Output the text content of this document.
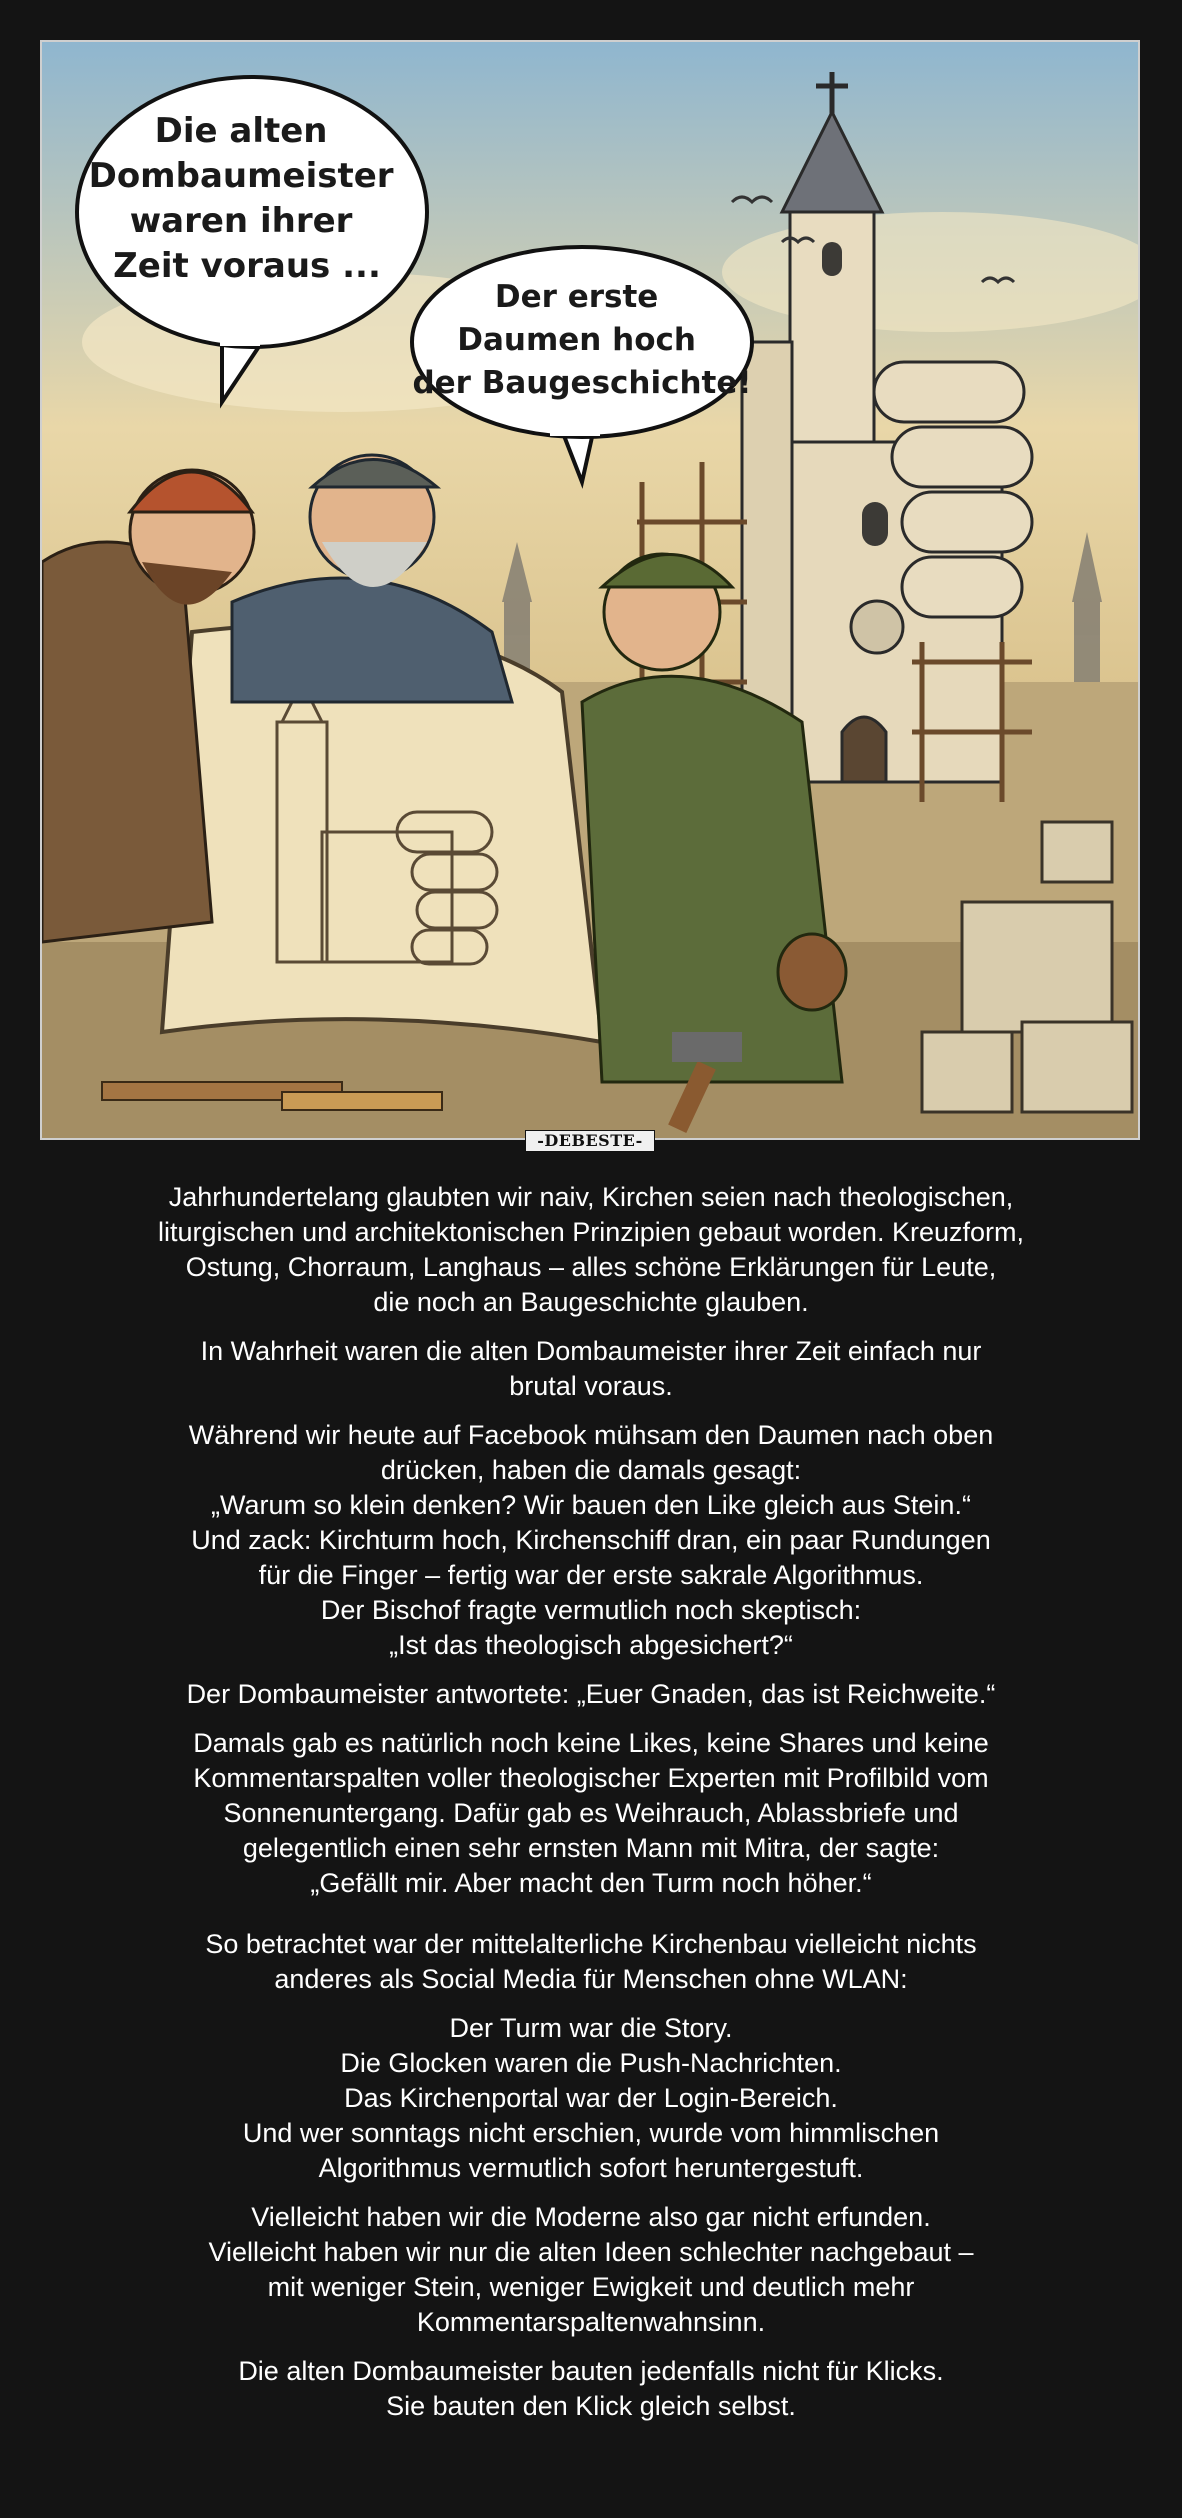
Die alten Dombaumeister waren ihrer Zeit voraus ...
Der erste Daumen hoch der Baugeschichte!
-DEBESTE-

Jahrhundertelang glaubten wir naiv, Kirchen seien nach theologischen,
liturgischen und architektonischen Prinzipien gebaut worden. Kreuzform,
Ostung, Chorraum, Langhaus – alles schöne Erklärungen für Leute,
die noch an Baugeschichte glauben.

In Wahrheit waren die alten Dombaumeister ihrer Zeit einfach nur
brutal voraus.

Während wir heute auf Facebook mühsam den Daumen nach oben
drücken, haben die damals gesagt:
„Warum so klein denken? Wir bauen den Like gleich aus Stein.“
Und zack: Kirchturm hoch, Kirchenschiff dran, ein paar Rundungen
für die Finger – fertig war der erste sakrale Algorithmus.
Der Bischof fragte vermutlich noch skeptisch:
„Ist das theologisch abgesichert?“

Der Dombaumeister antwortete: „Euer Gnaden, das ist Reichweite.“

Damals gab es natürlich noch keine Likes, keine Shares und keine
Kommentarspalten voller theologischer Experten mit Profilbild vom
Sonnenuntergang. Dafür gab es Weihrauch, Ablassbriefe und
gelegentlich einen sehr ernsten Mann mit Mitra, der sagte:
„Gefällt mir. Aber macht den Turm noch höher.“

So betrachtet war der mittelalterliche Kirchenbau vielleicht nichts
anderes als Social Media für Menschen ohne WLAN:

Der Turm war die Story.
Die Glocken waren die Push-Nachrichten.
Das Kirchenportal war der Login-Bereich.
Und wer sonntags nicht erschien, wurde vom himmlischen
Algorithmus vermutlich sofort heruntergestuft.

Vielleicht haben wir die Moderne also gar nicht erfunden.
Vielleicht haben wir nur die alten Ideen schlechter nachgebaut –
mit weniger Stein, weniger Ewigkeit und deutlich mehr
Kommentarspaltenwahnsinn.

Die alten Dombaumeister bauten jedenfalls nicht für Klicks.
Sie bauten den Klick gleich selbst.
